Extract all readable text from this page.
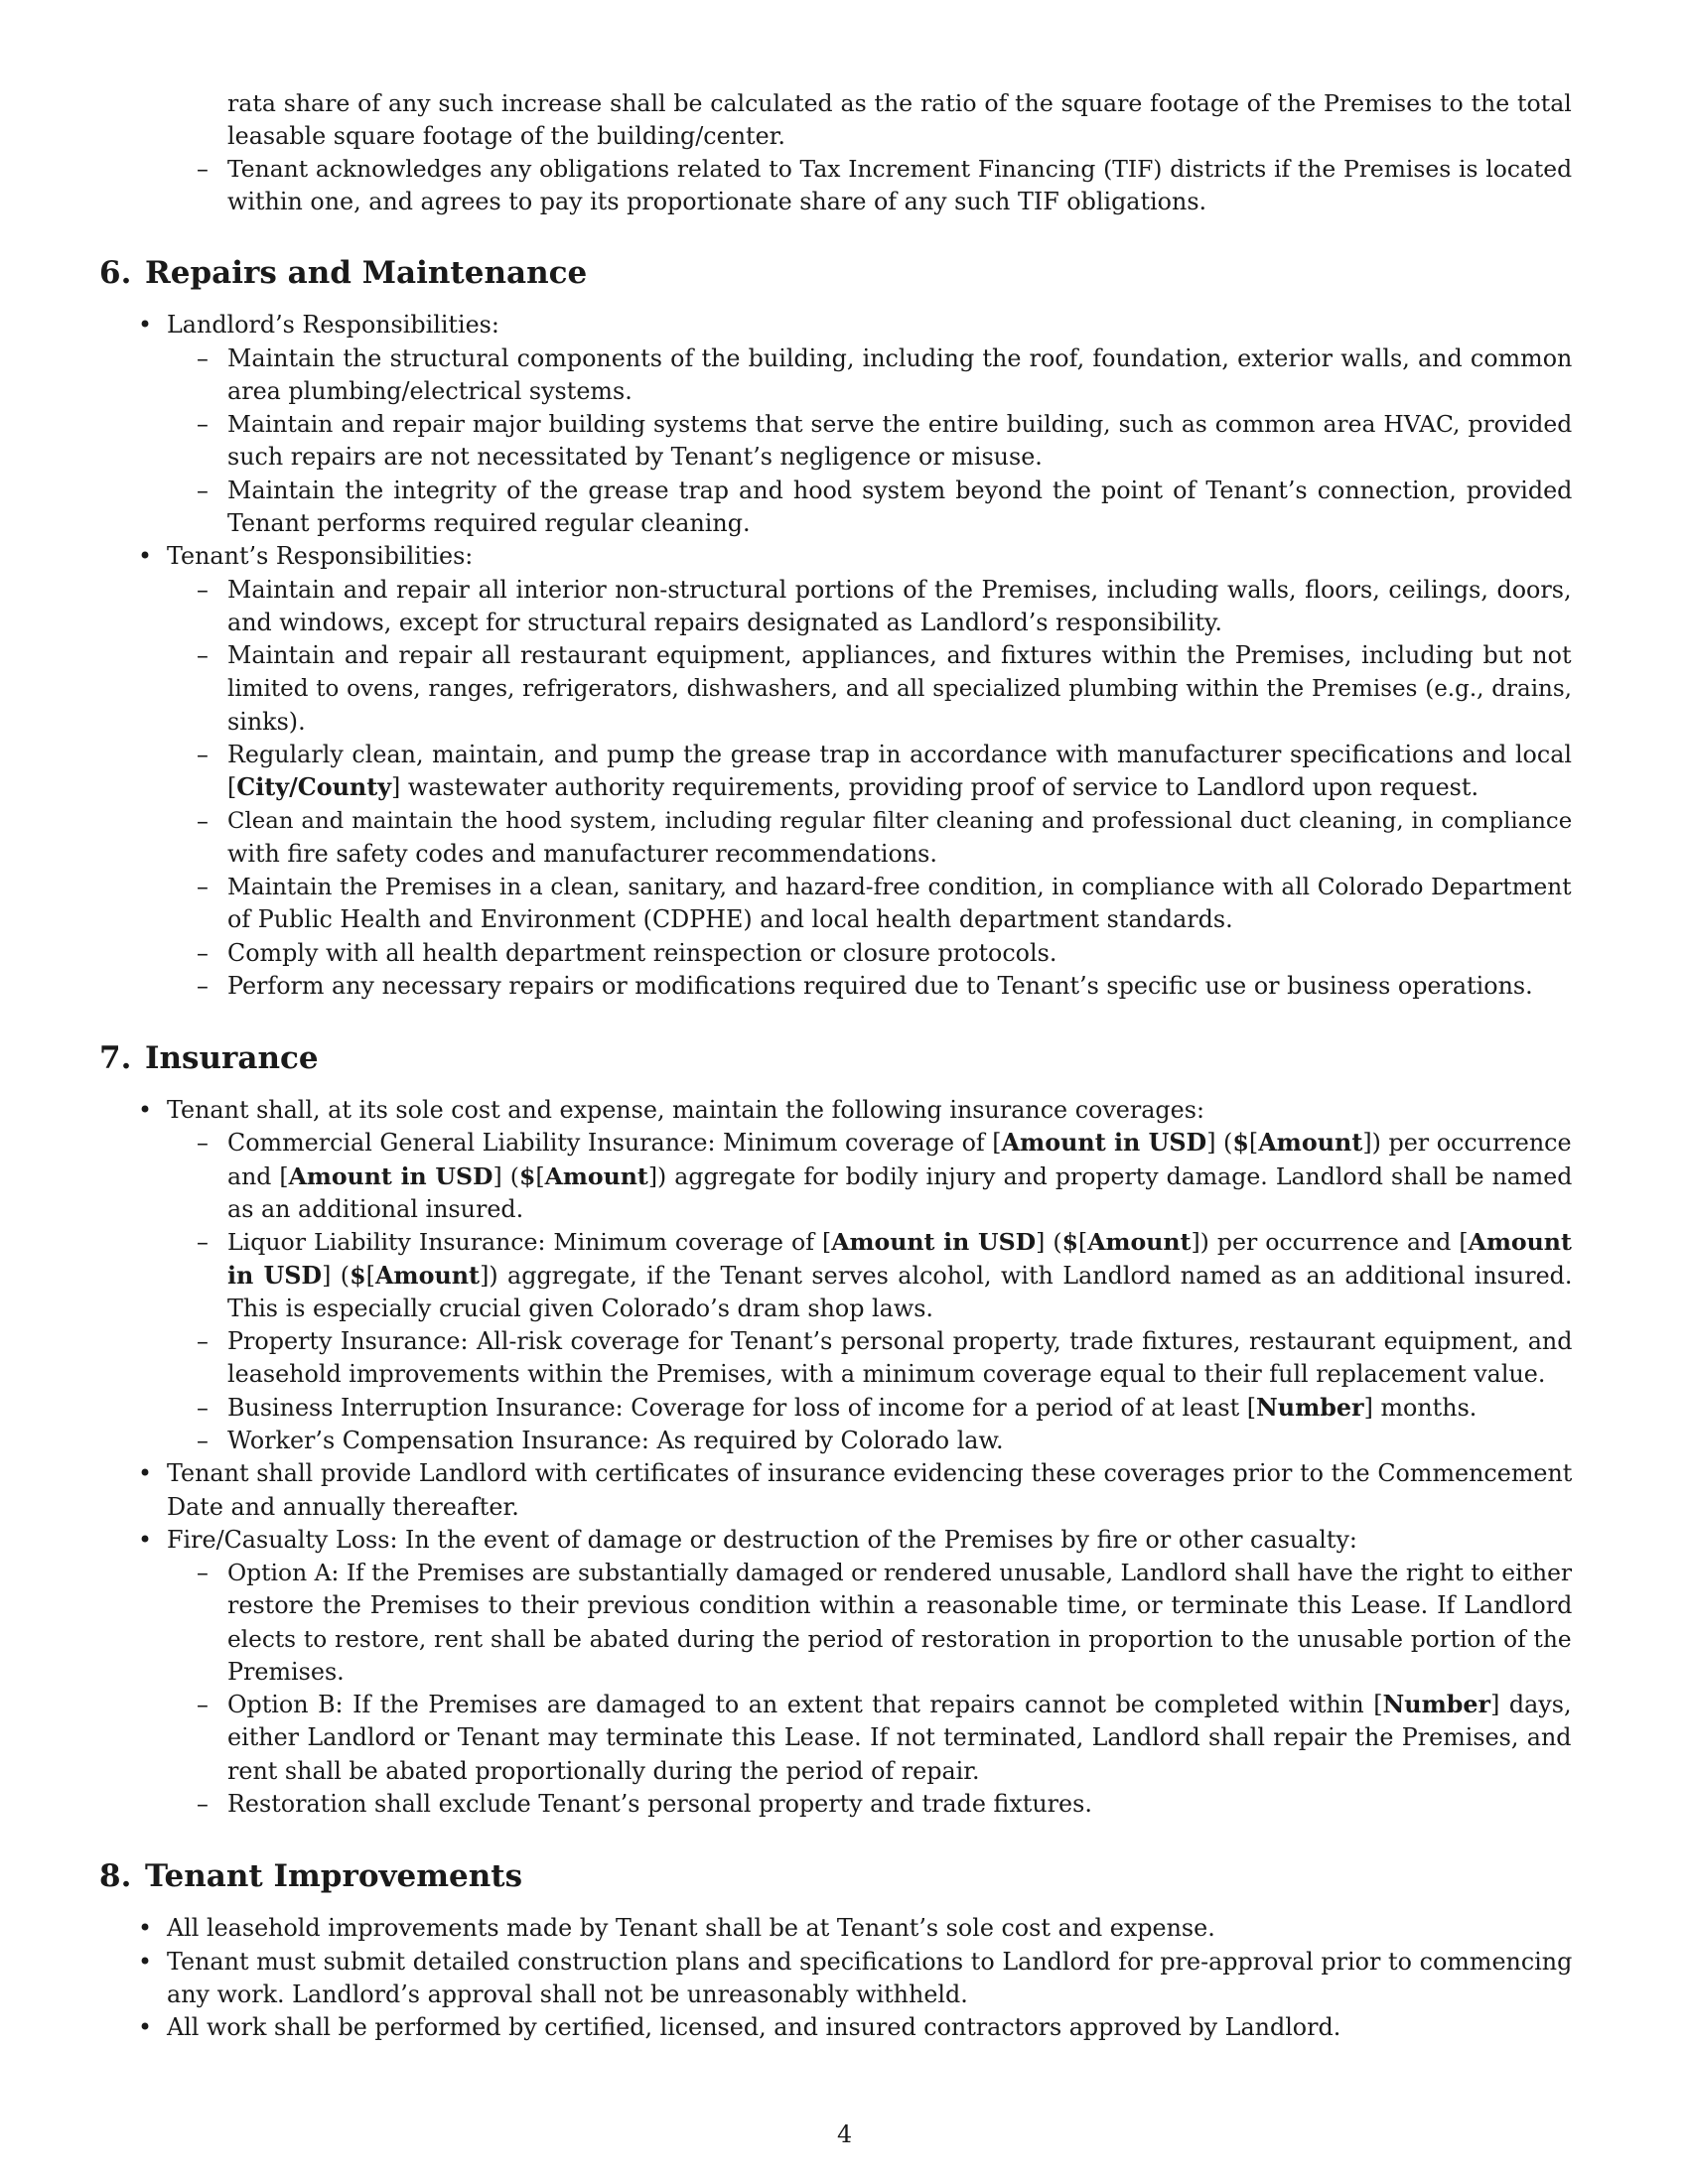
4
rata share of any such increase shall be calculated as the ratio of the square footage of the Premises to the total
leasable square footage of the building/center.
– Tenant acknowledges any obligations related to Tax Increment Financing (TIF) districts if the Premises is located
within one, and agrees to pay its proportionate share of any such TIF obligations.
6. Repairs and Maintenance
• Landlord’s Responsibilities:
– Maintain the structural components of the building, including the roof, foundation, exterior walls, and common
area plumbing/electrical systems.
– Maintain and repair major building systems that serve the entire building, such as common area HVAC, provided
such repairs are not necessitated by Tenant’s negligence or misuse.
– Maintain the integrity of the grease trap and hood system beyond the point of Tenant’s connection, provided
Tenant performs required regular cleaning.
• Tenant’s Responsibilities:
– Maintain and repair all interior non-structural portions of the Premises, including walls, floors, ceilings, doors,
and windows, except for structural repairs designated as Landlord’s responsibility.
– Maintain and repair all restaurant equipment, appliances, and fixtures within the Premises, including but not
limited to ovens, ranges, refrigerators, dishwashers, and all specialized plumbing within the Premises (e.g., drains,
sinks).
– Regularly clean, maintain, and pump the grease trap in accordance with manufacturer specifications and local
[City/County] wastewater authority requirements, providing proof of service to Landlord upon request.
– Clean and maintain the hood system, including regular filter cleaning and professional duct cleaning, in compliance
with fire safety codes and manufacturer recommendations.
– Maintain the Premises in a clean, sanitary, and hazard-free condition, in compliance with all Colorado Department
of Public Health and Environment (CDPHE) and local health department standards.
– Comply with all health department reinspection or closure protocols.
– Perform any necessary repairs or modifications required due to Tenant’s specific use or business operations.
7. Insurance
• Tenant shall, at its sole cost and expense, maintain the following insurance coverages:
– Commercial General Liability Insurance: Minimum coverage of [Amount in USD] ($[Amount]) per occurrence
and [Amount in USD] ($[Amount]) aggregate for bodily injury and property damage. Landlord shall be named
as an additional insured.
– Liquor Liability Insurance: Minimum coverage of [Amount in USD] ($[Amount]) per occurrence and [Amount
in USD] ($[Amount]) aggregate, if the Tenant serves alcohol, with Landlord named as an additional insured.
This is especially crucial given Colorado’s dram shop laws.
– Property Insurance: All-risk coverage for Tenant’s personal property, trade fixtures, restaurant equipment, and
leasehold improvements within the Premises, with a minimum coverage equal to their full replacement value.
– Business Interruption Insurance: Coverage for loss of income for a period of at least [Number] months.
– Worker’s Compensation Insurance: As required by Colorado law.
• Tenant shall provide Landlord with certificates of insurance evidencing these coverages prior to the Commencement
Date and annually thereafter.
• Fire/Casualty Loss: In the event of damage or destruction of the Premises by fire or other casualty:
– Option A: If the Premises are substantially damaged or rendered unusable, Landlord shall have the right to either
restore the Premises to their previous condition within a reasonable time, or terminate this Lease. If Landlord
elects to restore, rent shall be abated during the period of restoration in proportion to the unusable portion of the
Premises.
– Option B: If the Premises are damaged to an extent that repairs cannot be completed within [Number] days,
either Landlord or Tenant may terminate this Lease. If not terminated, Landlord shall repair the Premises, and
rent shall be abated proportionally during the period of repair.
– Restoration shall exclude Tenant’s personal property and trade fixtures.
8. Tenant Improvements
• All leasehold improvements made by Tenant shall be at Tenant’s sole cost and expense.
• Tenant must submit detailed construction plans and specifications to Landlord for pre-approval prior to commencing
any work. Landlord’s approval shall not be unreasonably withheld.
• All work shall be performed by certified, licensed, and insured contractors approved by Landlord.
